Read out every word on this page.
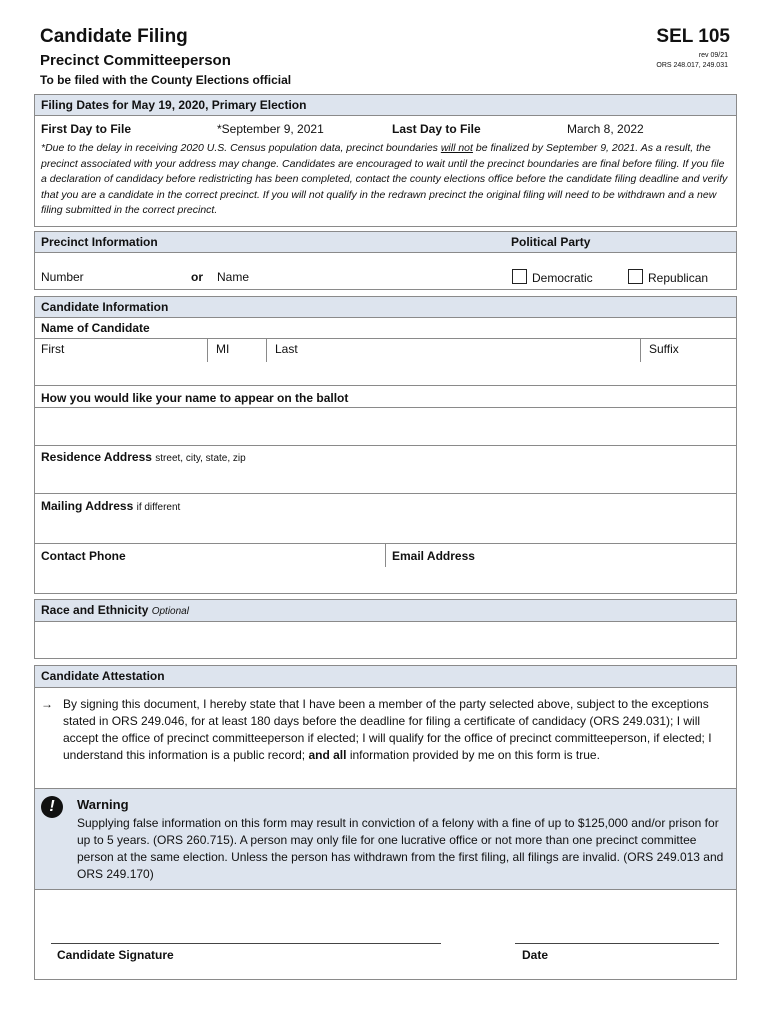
Candidate Filing
Precinct Committeeperson
To be filed with the County Elections official
SEL 105
rev 09/21
ORS 248.017, 249.031
Filing Dates for May 19, 2020, Primary Election
First Day to File	*September 9, 2021	Last Day to File	March 8, 2022
*Due to the delay in receiving 2020 U.S. Census population data, precinct boundaries will not be finalized by September 9, 2021. As a result, the precinct associated with your address may change. Candidates are encouraged to wait until the precinct boundaries are final before filing. If you file a declaration of candidacy before redistricting has been completed, contact the county elections office before the candidate filing deadline and verify that you are a candidate in the correct precinct. If you will not qualify in the redrawn precinct the original filing will need to be withdrawn and a new filing submitted in the correct precinct.
Precinct Information	Political Party
Number	or Name	Democratic	Republican
Candidate Information
Name of Candidate
First	MI	Last	Suffix
How you would like your name to appear on the ballot
Residence Address street, city, state, zip
Mailing Address if different
Contact Phone	Email Address
Race and Ethnicity Optional
Candidate Attestation
→ By signing this document, I hereby state that I have been a member of the party selected above, subject to the exceptions stated in ORS 249.046, for at least 180 days before the deadline for filing a certificate of candidacy (ORS 249.031); I will accept the office of precinct committeeperson if elected; I will qualify for the office of precinct committeeperson, if elected; I understand this information is a public record; and all information provided by me on this form is true.
!	Warning
Supplying false information on this form may result in conviction of a felony with a fine of up to $125,000 and/or prison for up to 5 years. (ORS 260.715). A person may only file for one lucrative office or not more than one precinct committee person at the same election. Unless the person has withdrawn from the first filing, all filings are invalid. (ORS 249.013 and ORS 249.170)
Candidate Signature	Date
